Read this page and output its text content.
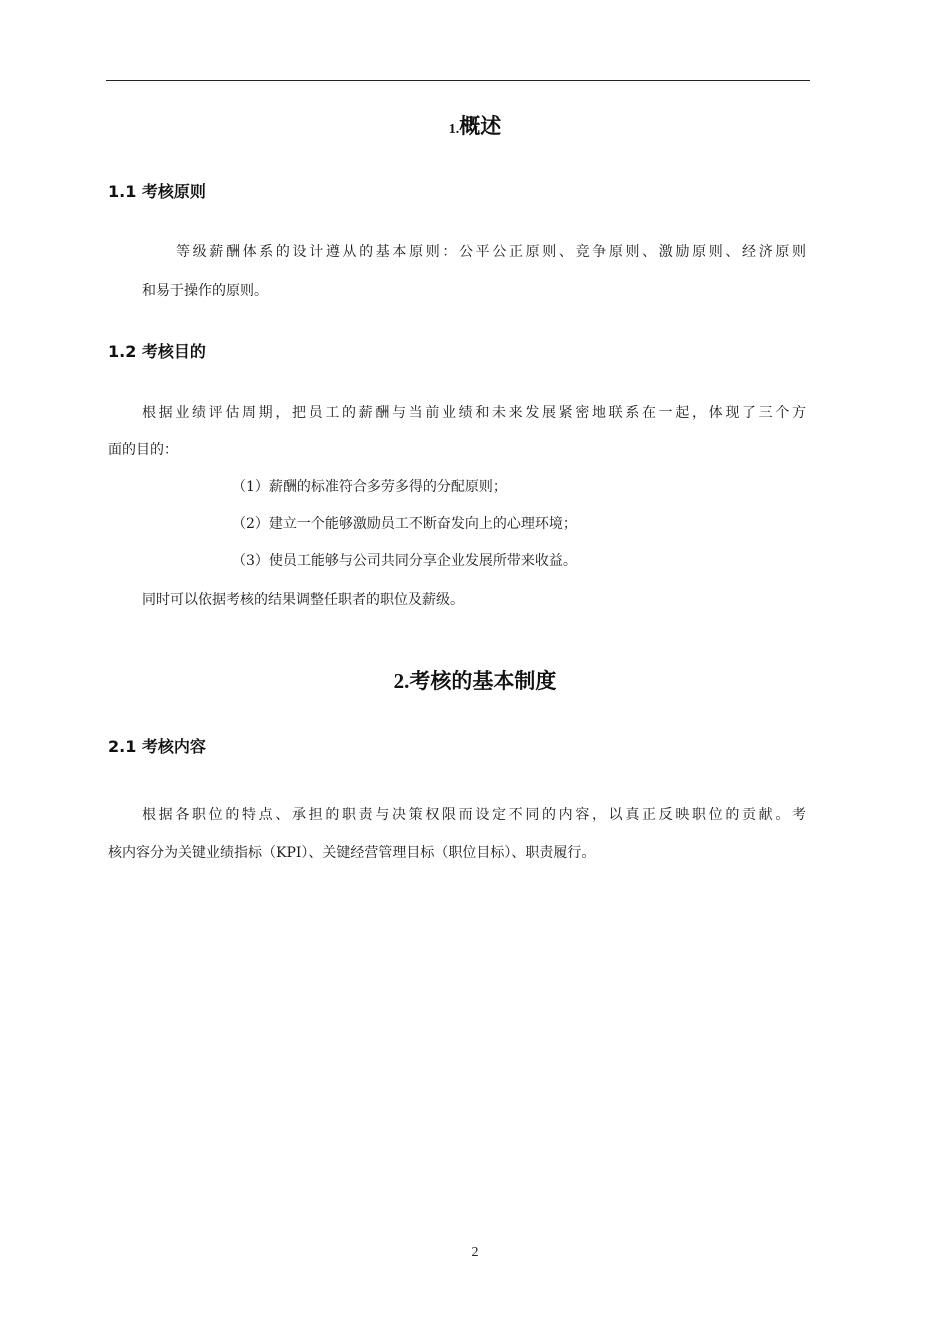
1.概述
1.1 考核原则

等级薪酬体系的设计遵从的基本原则：公平公正原则、竞争原则、激励原则、经济原则

和易于操作的原则。

1.2 考核目的

根据业绩评估周期，把员工的薪酬与当前业绩和未来发展紧密地联系在一起，体现了三个方

面的目的：

（1）薪酬的标准符合多劳多得的分配原则；

（2）建立一个能够激励员工不断奋发向上的心理环境；

（3）使员工能够与公司共同分享企业发展所带来收益。

同时可以依据考核的结果调整任职者的职位及薪级。

2.考核的基本制度
2.1 考核内容

根据各职位的特点、承担的职责与决策权限而设定不同的内容，以真正反映职位的贡献。考

核内容分为关键业绩指标（KPI）、关键经营管理目标（职位目标）、职责履行。

2
